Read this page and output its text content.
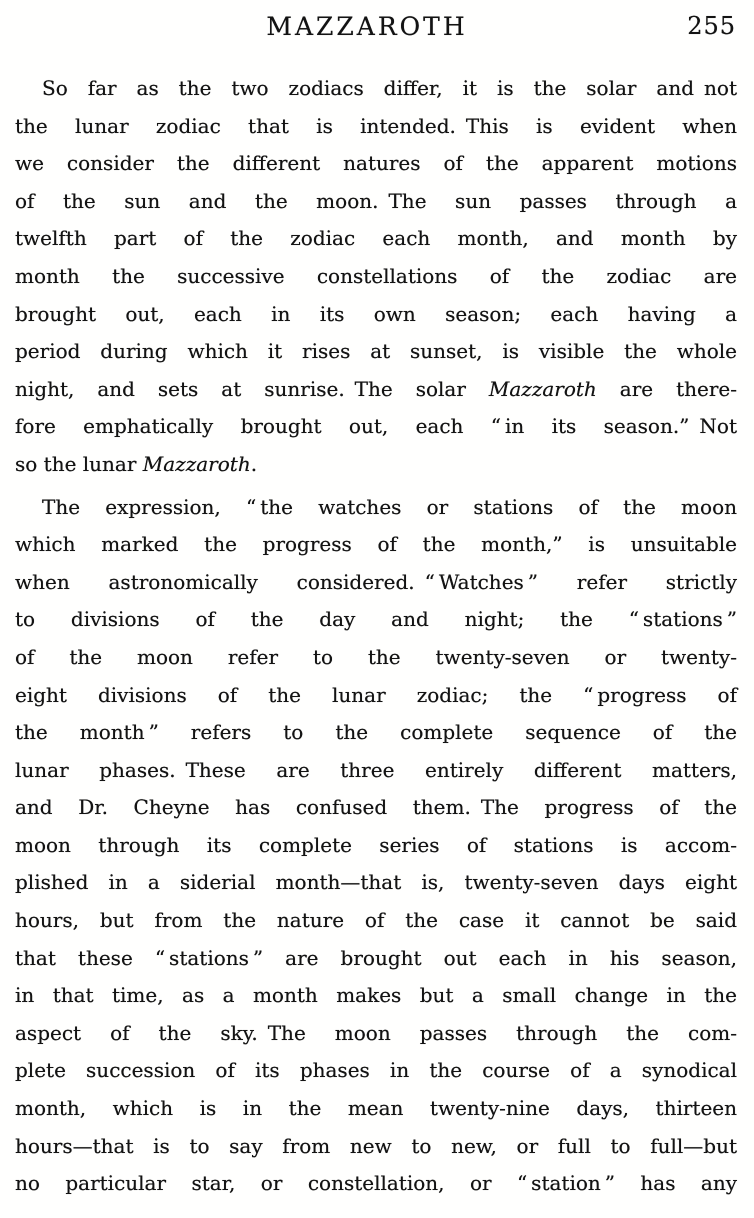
MAZZAROTH	255
So far as the two zodiacs differ, it is the solar and not
the lunar zodiac that is intended. This is evident when
we consider the different natures of the apparent motions
of the sun and the moon. The sun passes through a
twelfth part of the zodiac each month, and month by
month the successive constellations of the zodiac are
brought out, each in its own season; each having a
period during which it rises at sunset, is visible the whole
night, and sets at sunrise. The solar Mazzaroth are there-
fore emphatically brought out, each “ in its season.” Not
so the lunar Mazzaroth.
The expression, “ the watches or stations of the moon
which marked the progress of the month,” is unsuitable
when astronomically considered. “ Watches ” refer strictly
to divisions of the day and night; the “ stations ”
of the moon refer to the twenty-seven or twenty-
eight divisions of the lunar zodiac; the “ progress of
the month ” refers to the complete sequence of the
lunar phases. These are three entirely different matters,
and Dr. Cheyne has confused them. The progress of the
moon through its complete series of stations is accom-
plished in a siderial month—that is, twenty-seven days eight
hours, but from the nature of the case it cannot be said
that these “ stations ” are brought out each in his season,
in that time, as a month makes but a small change in the
aspect of the sky. The moon passes through the com-
plete succession of its phases in the course of a synodical
month, which is in the mean twenty-nine days, thirteen
hours—that is to say from new to new, or full to full—but
no particular star, or constellation, or “ station ” has any
